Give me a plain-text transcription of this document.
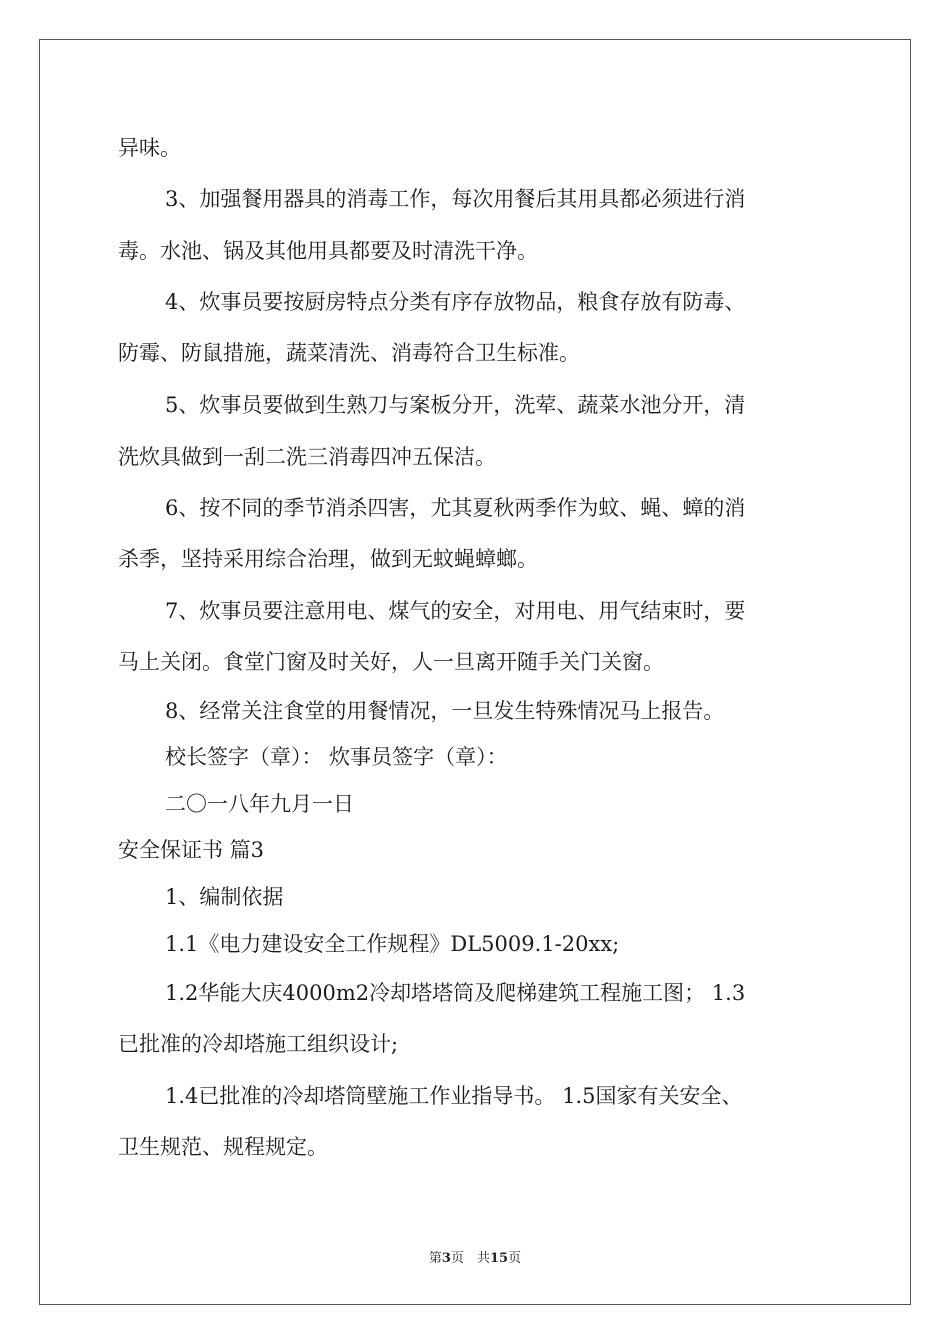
异味。
3、加强餐用器具的消毒工作，每次用餐后其用具都必须进行消
毒。水池、锅及其他用具都要及时清洗干净。
4、炊事员要按厨房特点分类有序存放物品，粮食存放有防毒、
防霉、防鼠措施，蔬菜清洗、消毒符合卫生标准。
5、炊事员要做到生熟刀与案板分开，洗荤、蔬菜水池分开，清
洗炊具做到一刮二洗三消毒四冲五保洁。
6、按不同的季节消杀四害，尤其夏秋两季作为蚊、蝇、蟑的消
杀季，坚持采用综合治理，做到无蚊蝇蟑螂。
7、炊事员要注意用电、煤气的安全，对用电、用气结束时，要
马上关闭。食堂门窗及时关好，人一旦离开随手关门关窗。
8、经常关注食堂的用餐情况，一旦发生特殊情况马上报告。
校长签字（章）： 炊事员签字（章）：
二〇一八年九月一日
安全保证书 篇3
1、编制依据
1.1《电力建设安全工作规程》DL5009.1-20xx;
1.2华能大庆4000m2冷却塔塔筒及爬梯建筑工程施工图； 1.3
已批准的冷却塔施工组织设计;
1.4已批准的冷却塔筒壁施工作业指导书。 1.5国家有关安全、
卫生规范、规程规定。
第3页　共15页
